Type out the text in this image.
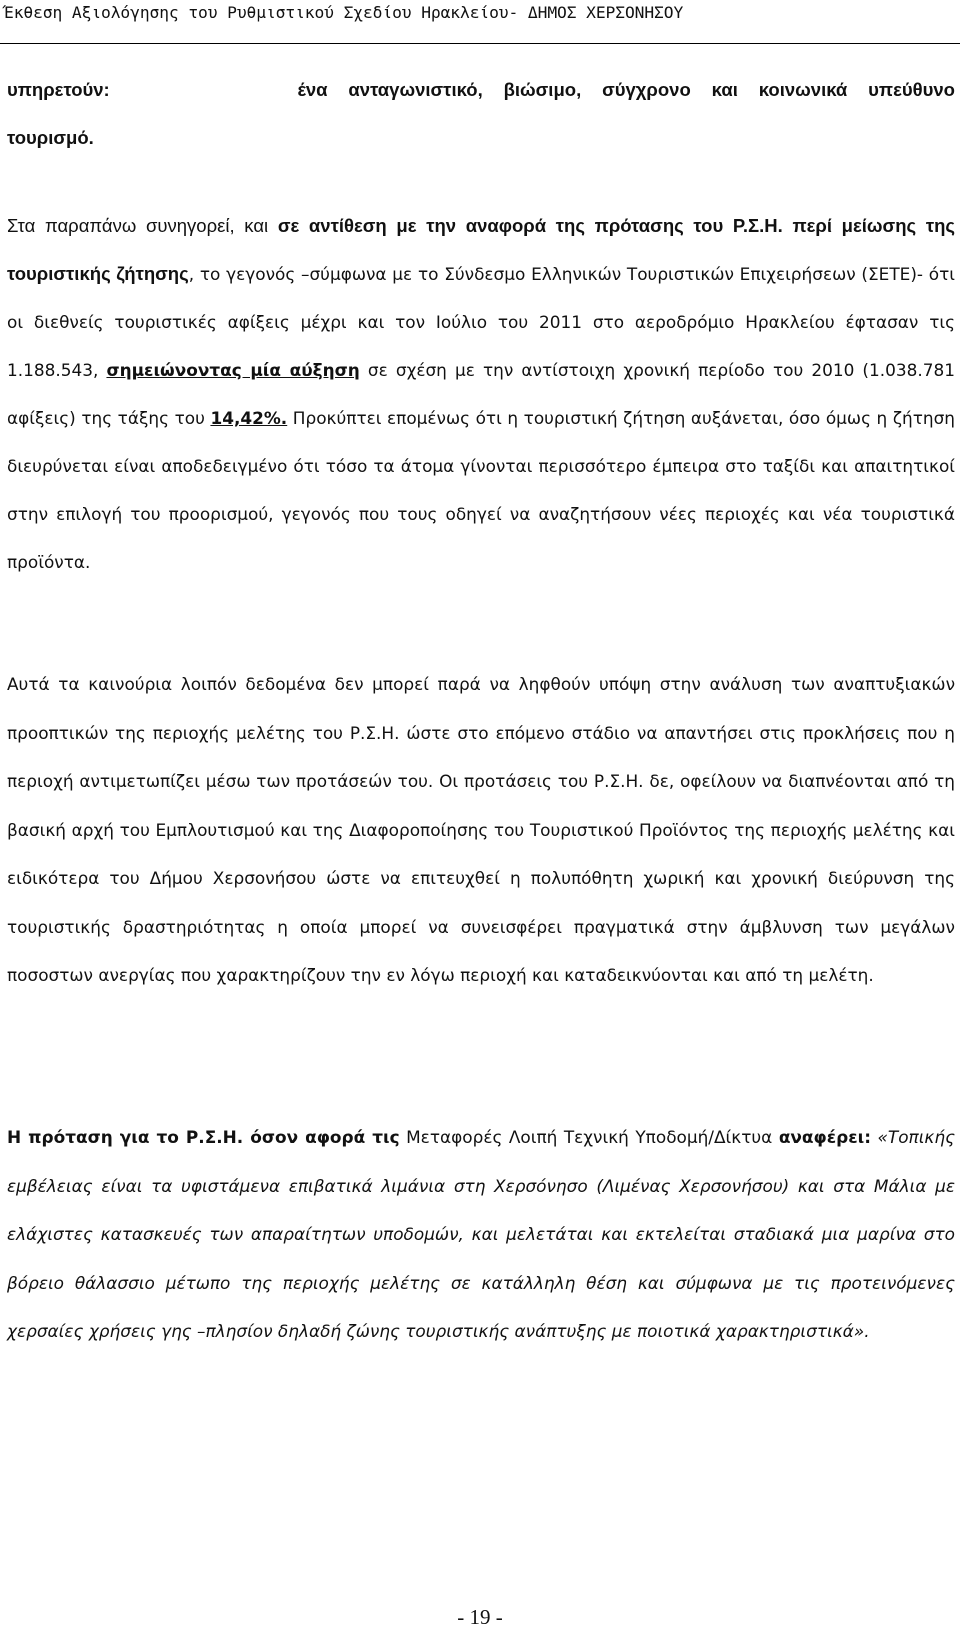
Έκθεση Αξιολόγησης του Ρυθμιστικού Σχεδίου Ηρακλείου- ΔΗΜΟΣ ΧΕΡΣΟΝΗΣΟΥ

υπηρετούν:	ένα ανταγωνιστικό, βιώσιμο, σύγχρονο και κοινωνικά υπεύθυνο

τουρισμό.

Στα παραπάνω συνηγορεί, και σε αντίθεση με την αναφορά της πρότασης του Ρ.Σ.Η. περί μείωσης της τουριστικής ζήτησης, το γεγονός –σύμφωνα με το Σύνδεσμο Ελληνικών Τουριστικών Επιχειρήσεων (ΣΕΤΕ)- ότι οι διεθνείς τουριστικές αφίξεις μέχρι και τον Ιούλιο του 2011 στο αεροδρόμιο Ηρακλείου έφτασαν τις 1.188.543, σημειώνοντας μία αύξηση σε σχέση με την αντίστοιχη χρονική περίοδο του 2010 (1.038.781 αφίξεις) της τάξης του 14,42%. Προκύπτει επομένως ότι η τουριστική ζήτηση αυξάνεται, όσο όμως η ζήτηση διευρύνεται είναι αποδεδειγμένο ότι τόσο τα άτομα γίνονται περισσότερο έμπειρα στο ταξίδι και απαιτητικοί στην επιλογή του προορισμού, γεγονός που τους οδηγεί να αναζητήσουν νέες περιοχές και νέα τουριστικά προϊόντα.

Αυτά τα καινούρια λοιπόν δεδομένα δεν μπορεί παρά να ληφθούν υπόψη στην ανάλυση των αναπτυξιακών προοπτικών της περιοχής μελέτης του Ρ.Σ.Η. ώστε στο επόμενο στάδιο να απαντήσει στις προκλήσεις που η περιοχή αντιμετωπίζει μέσω των προτάσεών του. Οι προτάσεις του Ρ.Σ.Η. δε, οφείλουν να διαπνέονται από τη βασική αρχή του Εμπλουτισμού και της Διαφοροποίησης του Τουριστικού Προϊόντος της περιοχής μελέτης και ειδικότερα του Δήμου Χερσονήσου ώστε να επιτευχθεί η πολυπόθητη χωρική και χρονική διεύρυνση της τουριστικής δραστηριότητας η οποία μπορεί να συνεισφέρει πραγματικά στην άμβλυνση των μεγάλων ποσοστων ανεργίας που χαρακτηρίζουν την εν λόγω περιοχή και καταδεικνύονται και από τη μελέτη.

Η πρόταση για το Ρ.Σ.Η. όσον αφορά τις Μεταφορές Λοιπή Τεχνική Υποδομή/Δίκτυα αναφέρει: «Τοπικής εμβέλειας είναι τα υφιστάμενα επιβατικά λιμάνια στη Χερσόνησο (Λιμένας Χερσονήσου) και στα Μάλια με ελάχιστες κατασκευές των απαραίτητων υποδομών, και μελετάται και εκτελείται σταδιακά μια μαρίνα στο βόρειο θάλασσιο μέτωπο της περιοχής μελέτης σε κατάλληλη θέση και σύμφωνα με τις προτεινόμενες χερσαίες χρήσεις γης –πλησίον δηλαδή ζώνης τουριστικής ανάπτυξης με ποιοτικά χαρακτηριστικά».

- 19 -
